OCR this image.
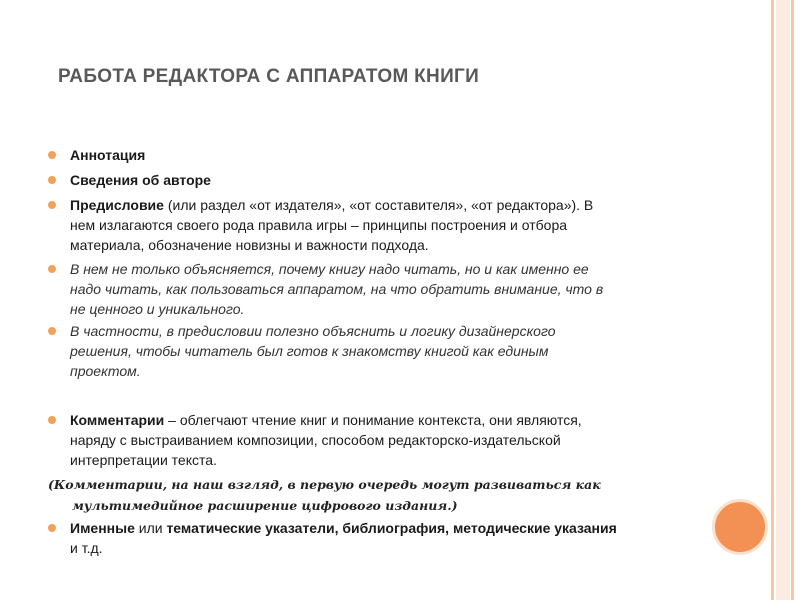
РАБОТА РЕДАКТОРА С АППАРАТОМ КНИГИ
Аннотация
Сведения об авторе
Предисловие (или раздел «от издателя», «от составителя», «от редактора»). В
нем излагаются своего рода правила игры – принципы построения и отбора
материала, обозначение новизны и важности подхода.
В нем не только объясняется, почему книгу надо читать, но и как именно ее
надо читать, как пользоваться аппаратом, на что обратить внимание, что в
не ценного и уникального.
В частности, в предисловии полезно объяснить и логику дизайнерского
решения, чтобы читатель был готов к знакомству книгой как единым
проектом.
Комментарии – облегчают чтение книг и понимание контекста, они являются,
наряду с выстраиванием композиции, способом редакторско-издательской
интерпретации текста.
(Комментарии, на наш взгляд, в первую очередь могут развиваться как
мультимедийное расширение цифрового издания.)
Именные или тематические указатели, библиография, методические указания
и т.д.
